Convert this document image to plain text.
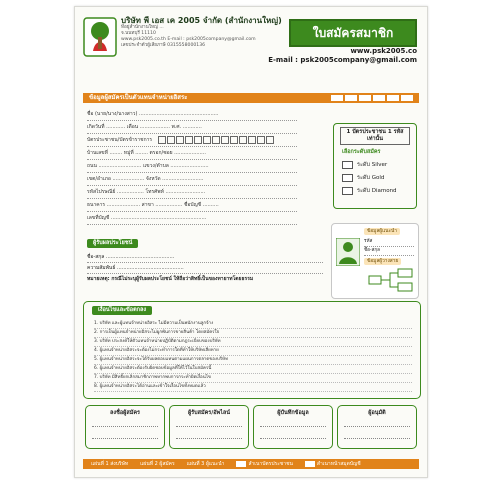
บริษัท พี เอส เค 2005 จำกัด (สำนักงานใหญ่)
ที่อยู่สำนักงานใหญ่ ...
จ.นนทบุรี 11110
www.psk2005.co.th E-mail : psk2005company@gmail.com
เลขประจำตัวผู้เสียภาษี 0315558000136
ใบสมัครสมาชิก
www.psk2005.co
E-mail : psk2005company@gmail.com
ข้อมูลผู้สมัครเป็นตัวแทนจำหน่ายอิสระ
ชื่อ (นาย/นาง/นางสาว) ..................................................
เกิดวันที่ ............ เดือน ................... พ.ศ. ............
บัตรประชาชน/บัตรข้าราชการ
บ้านเลขที่ ........ หมู่ที่ ........ ตรอก/ซอย ....................
ถนน ........................... แขวง/ตำบล ........................
เขต/อำเภอ .................... จังหวัด ..........................
รหัสไปรษณีย์ ................. โทรศัพท์ .........................
ธนาคาร ..................... สาขา ................. ชื่อบัญชี ..........
เลขที่บัญชี ............................................................
1 บัตรประชาชน 1 รหัสเท่านั้น
เลือกระดับสมัคร
ระดับ Silver
ระดับ Gold
ระดับ Diamond
ผู้รับผลประโยชน์
ชื่อ-สกุล ...........................................
ความสัมพันธ์ ..........................................
หมายเหตุ: กรณีไม่ระบุผู้รับผลประโยชน์ ให้ถือว่าสิทธิ์เป็นของทายาทโดยธรรม
ข้อมูลผู้แนะนำ
รหัส
ชื่อ-สกุล
ข้อมูลผู้วางสาย
เงื่อนไขและข้อตกลง
1. บริษัท และผู้แทนจำหน่ายอิสระ ไม่มีความเป็นพนักงานลูกจ้าง
2. การเป็นผู้แทนจำหน่ายอิสระไม่ผูกพันการขายสินค้า โดยสมัครใจ
3. บริษัท ประสงค์ให้ตัวแทนจำหน่ายปฏิบัติตามกฎระเบียบของบริษัท
4. ผู้แทนจำหน่ายอิสระจะต้องไม่กระทำการใดที่ทำให้บริษัทเสียหาย
5. ผู้แทนจำหน่ายอิสระจะได้รับผลตอบแทนตามแผนการตลาดของบริษัท
6. ผู้แทนจำหน่ายอิสระต้องรับผิดชอบข้อมูลที่ให้ไว้ในใบสมัครนี้
7. บริษัท มีสิทธิ์ยกเลิกสมาชิกภาพหากพบการกระทำผิดเงื่อนไข
8. ผู้แทนจำหน่ายอิสระได้อ่านและเข้าใจเงื่อนไขทั้งหมดแล้ว
ลงชื่อผู้สมัคร	ผู้รับสมัคร/อัพไลน์	ผู้บันทึกข้อมูล	ผู้อนุมัติ
แผ่นที่ 1 ส่งบริษัท แผ่นที่ 2 ผู้สมัคร แผ่นที่ 3 ผู้แนะนำ	สำเนาบัตรประชาชน	สำเนาหน้าสมุดบัญชี
